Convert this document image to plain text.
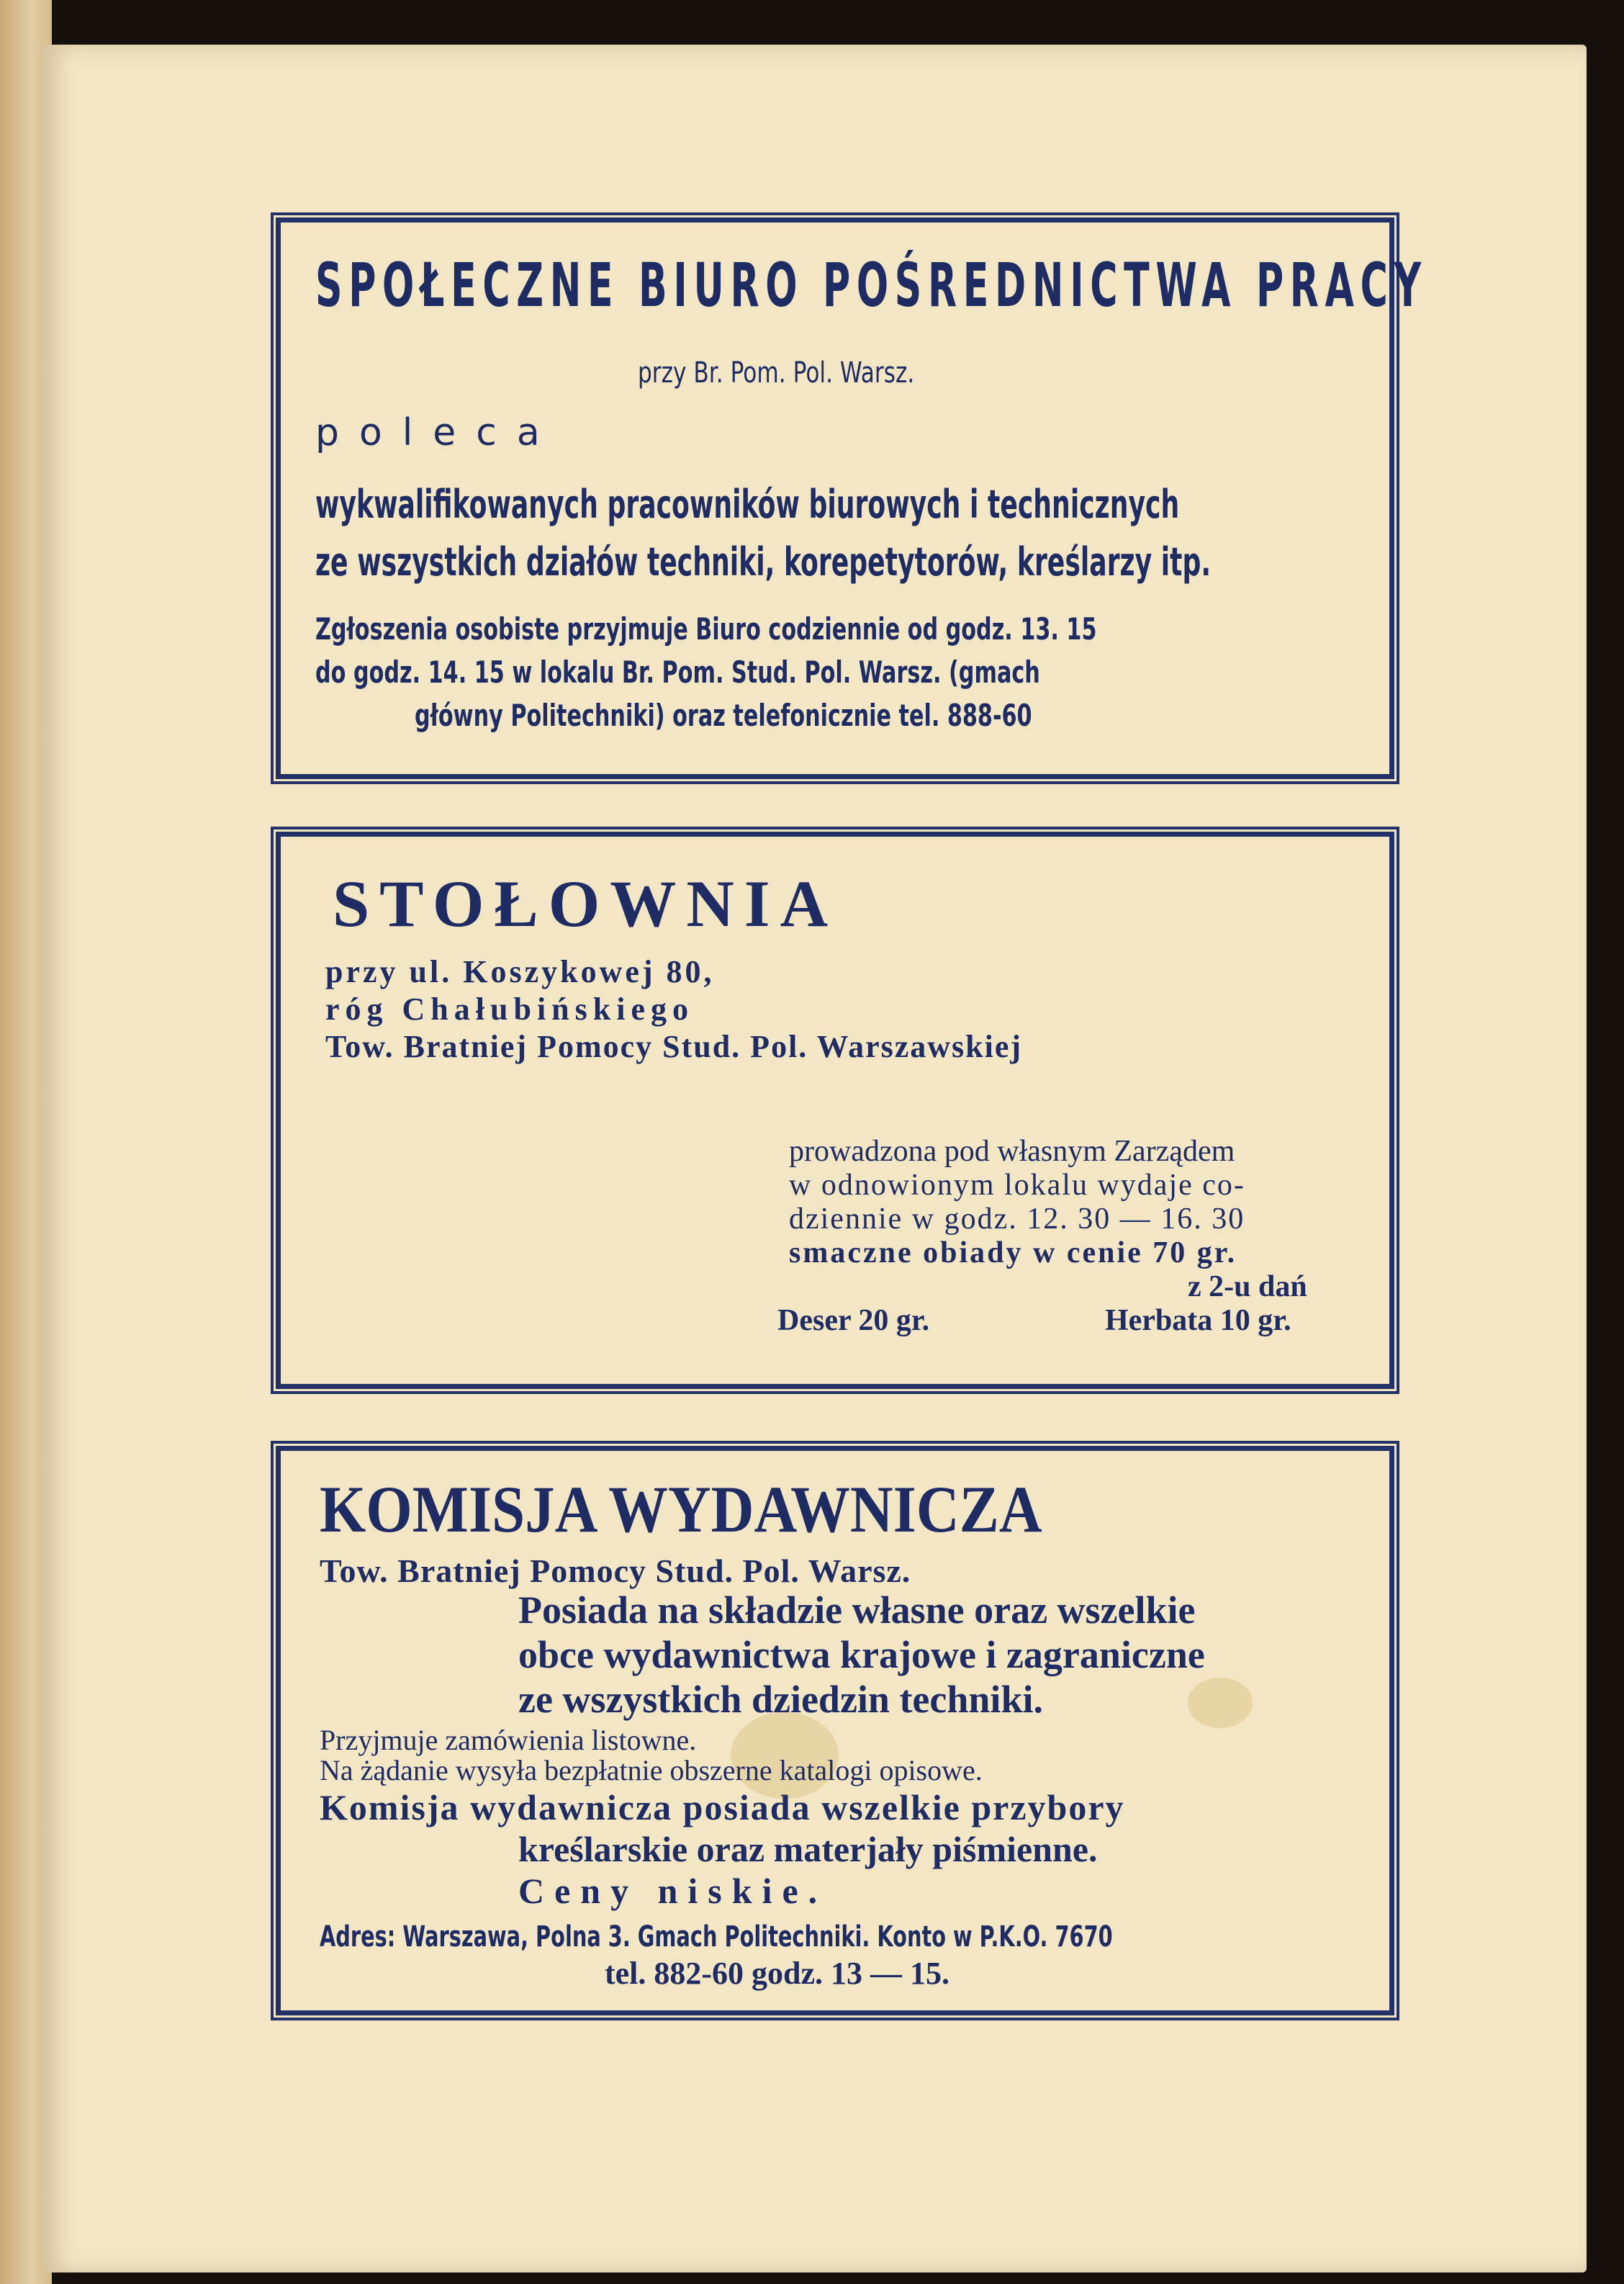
SPOŁECZNE BIURO POŚREDNICTWA PRACY
przy Br. Pom. Pol. Warsz.
poleca
wykwalifikowanych pracowników biurowych i technicznych
ze wszystkich działów techniki, korepetytorów, kreślarzy itp.
Zgłoszenia osobiste przyjmuje Biuro codziennie od godz. 13. 15
do godz. 14. 15 w lokalu Br. Pom. Stud. Pol. Warsz. (gmach
główny Politechniki) oraz telefonicznie tel. 888-60
STOŁOWNIA
przy ul. Koszykowej 80,
róg Chałubińskiego
Tow. Bratniej Pomocy Stud. Pol. Warszawskiej
prowadzona pod własnym Zarządem
w odnowionym lokalu wydaje co-
dziennie w godz. 12. 30 — 16. 30
smaczne obiady w cenie 70 gr.
z 2-u dań
Deser 20 gr.	Herbata 10 gr.
KOMISJA WYDAWNICZA
Tow. Bratniej Pomocy Stud. Pol. Warsz.
Posiada na składzie własne oraz wszelkie
obce wydawnictwa krajowe i zagraniczne
ze wszystkich dziedzin techniki.
Przyjmuje zamówienia listowne.
Na żądanie wysyła bezpłatnie obszerne katalogi opisowe.
Komisja wydawnicza posiada wszelkie przybory
kreślarskie oraz materjały piśmienne.
Ceny niskie.
Adres: Warszawa, Polna 3. Gmach Politechniki. Konto w P.K.O. 7670
tel. 882-60 godz. 13 — 15.
